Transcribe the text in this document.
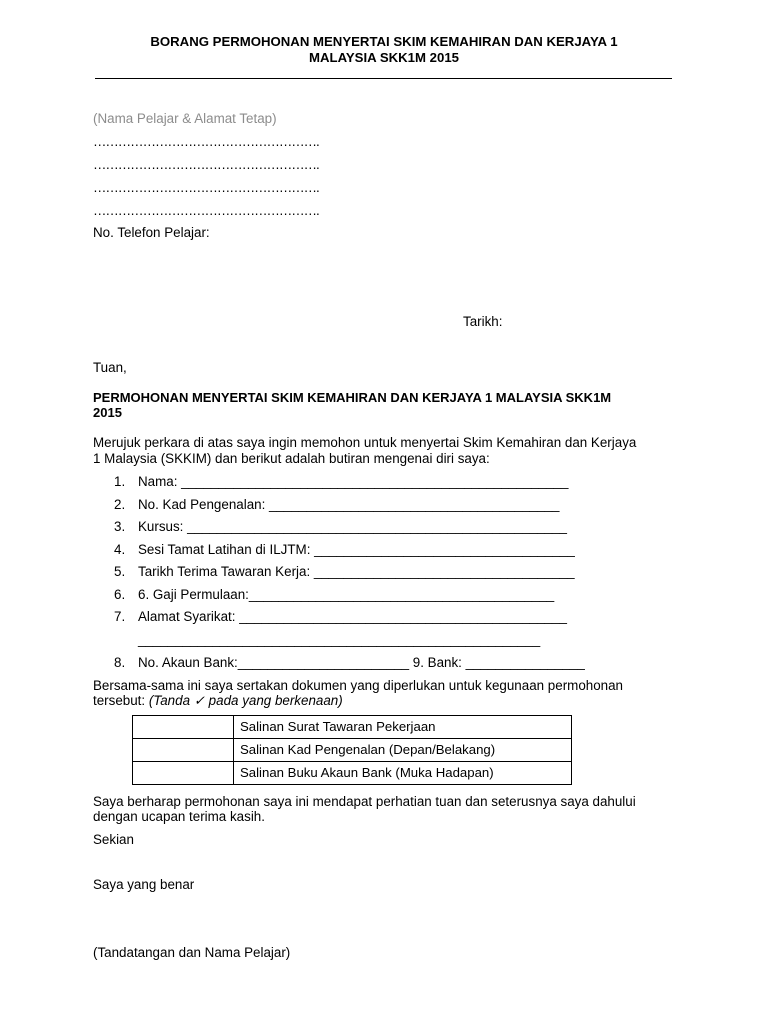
BORANG PERMOHONAN MENYERTAI SKIM KEMAHIRAN DAN KERJAYA 1
MALAYSIA SKK1M 2015
(Nama Pelajar & Alamat Tetap)
……………………………………………….
……………………………………………….
……………………………………………….
……………………………………………….
No. Telefon Pelajar:
Tarikh:
Tuan,
PERMOHONAN MENYERTAI SKIM KEMAHIRAN DAN KERJAYA 1 MALAYSIA SKK1M
2015
Merujuk perkara di atas saya ingin memohon untuk menyertai Skim Kemahiran dan Kerjaya
1 Malaysia (SKKIM) dan berikut adalah butiran mengenai diri saya:
1. Nama: ____________________________________________________
2. No. Kad Pengenalan: _______________________________________
3. Kursus: ___________________________________________________
4. Sesi Tamat Latihan di ILJTM: ___________________________________
5. Tarikh Terima Tawaran Kerja: ___________________________________
6. 6. Gaji Permulaan:_________________________________________
7. Alamat Syarikat: ____________________________________________
______________________________________________________
8. No. Akaun Bank:_______________________ 9. Bank: ________________
Bersama-sama ini saya sertakan dokumen yang diperlukan untuk kegunaan permohonan
tersebut: (Tanda ✓ pada yang berkenaan)
	Salinan Surat Tawaran Pekerjaan
	Salinan Kad Pengenalan (Depan/Belakang)
	Salinan Buku Akaun Bank (Muka Hadapan)
Saya berharap permohonan saya ini mendapat perhatian tuan dan seterusnya saya dahului
dengan ucapan terima kasih.
Sekian
Saya yang benar
(Tandatangan dan Nama Pelajar)
